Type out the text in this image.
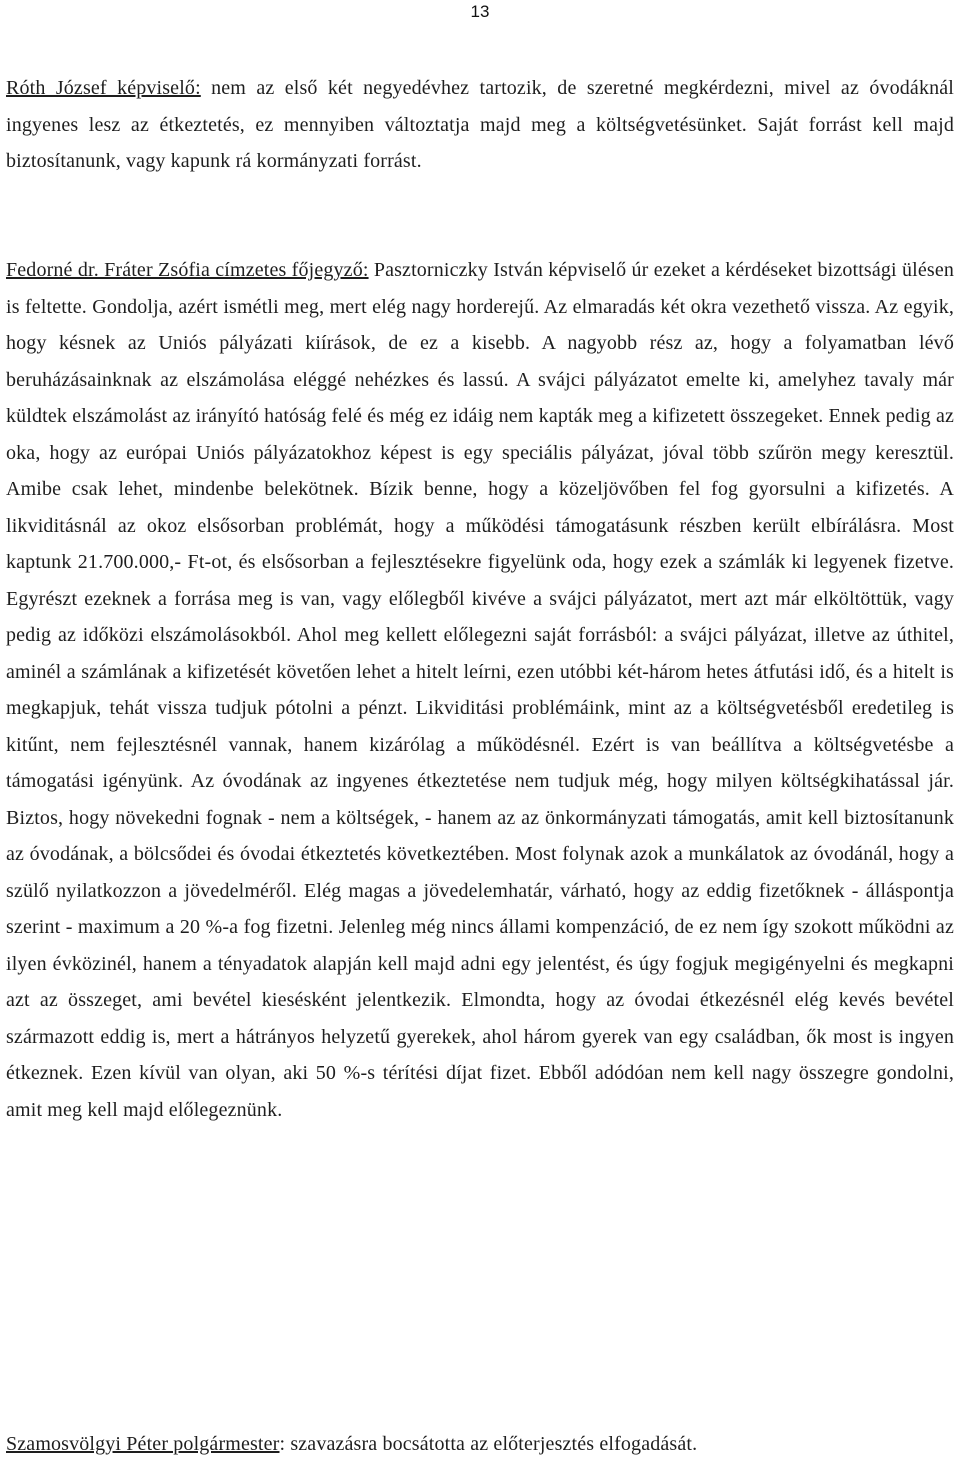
13

Róth József képviselő: nem az első két negyedévhez tartozik, de szeretné megkérdezni, mivel az óvodáknál ingyenes lesz az étkeztetés, ez mennyiben változtatja majd meg a költségvetésünket. Saját forrást kell majd biztosítanunk, vagy kapunk rá kormányzati forrást.

Fedorné dr. Fráter Zsófia címzetes főjegyző: Pasztorniczky István képviselő úr ezeket a kérdéseket bizottsági ülésen is feltette. Gondolja, azért ismétli meg, mert elég nagy horderejű. Az elmaradás két okra vezethető vissza. Az egyik, hogy késnek az Uniós pályázati kiírások, de ez a kisebb. A nagyobb rész az, hogy a folyamatban lévő beruházásainknak az elszámolása eléggé nehézkes és lassú. A svájci pályázatot emelte ki, amelyhez tavaly már küldtek elszámolást az irányító hatóság felé és még ez idáig nem kapták meg a kifizetett összegeket. Ennek pedig az oka, hogy az európai Uniós pályázatokhoz képest is egy speciális pályázat, jóval több szűrön megy keresztül. Amibe csak lehet, mindenbe belekötnek. Bízik benne, hogy a közeljövőben fel fog gyorsulni a kifizetés. A likviditásnál az okoz elsősorban problémát, hogy a működési támogatásunk részben került elbírálásra. Most kaptunk 21.700.000,- Ft-ot, és elsősorban a fejlesztésekre figyelünk oda, hogy ezek a számlák ki legyenek fizetve. Egyrészt ezeknek a forrása meg is van, vagy előlegből kivéve a svájci pályázatot, mert azt már elköltöttük, vagy pedig az időközi elszámolásokból. Ahol meg kellett előlegezni saját forrásból: a svájci pályázat, illetve az úthitel, aminél a számlának a kifizetését követően lehet a hitelt leírni, ezen utóbbi két-három hetes átfutási idő, és a hitelt is megkapjuk, tehát vissza tudjuk pótolni a pénzt. Likviditási problémáink, mint az a költségvetésből eredetileg is kitűnt, nem fejlesztésnél vannak, hanem kizárólag a működésnél. Ezért is van beállítva a költségvetésbe a támogatási igényünk. Az óvodának az ingyenes étkeztetése nem tudjuk még, hogy milyen költségkihatással jár. Biztos, hogy növekedni fognak - nem a költségek, - hanem az az önkormányzati támogatás, amit kell biztosítanunk az óvodának, a bölcsődei és óvodai étkeztetés következtében. Most folynak azok a munkálatok az óvodánál, hogy a szülő nyilatkozzon a jövedelméről. Elég magas a jövedelemhatár, várható, hogy az eddig fizetőknek - álláspontja szerint - maximum a 20 %-a fog fizetni. Jelenleg még nincs állami kompenzáció, de ez nem így szokott működni az ilyen évközinél, hanem a tényadatok alapján kell majd adni egy jelentést, és úgy fogjuk megigényelni és megkapni azt az összeget, ami bevétel kiesésként jelentkezik. Elmondta, hogy az óvodai étkezésnél elég kevés bevétel származott eddig is, mert a hátrányos helyzetű gyerekek, ahol három gyerek van egy családban, ők most is ingyen étkeznek. Ezen kívül van olyan, aki 50 %-s térítési díjat fizet. Ebből adódóan nem kell nagy összegre gondolni, amit meg kell majd előlegeznünk.

Szamosvölgyi Péter polgármester: szavazásra bocsátotta az előterjesztés elfogadását.
